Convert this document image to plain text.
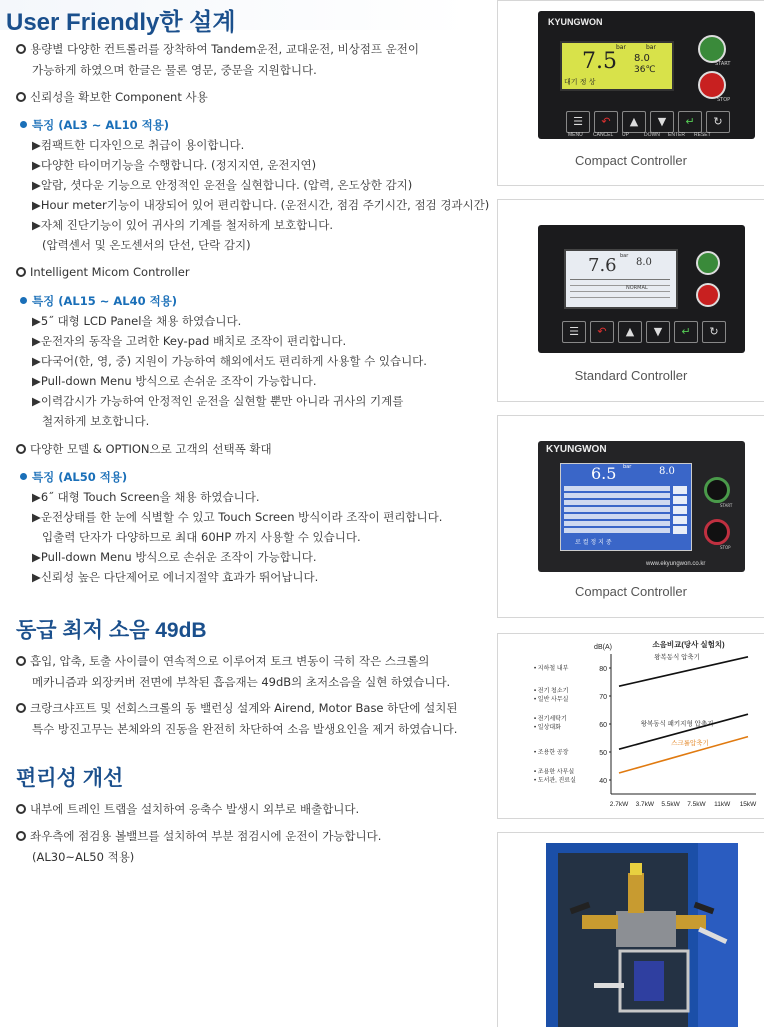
User Friendly한 설계
용량별 다양한 컨트롤러를 장착하여 Tandem운전, 교대운전, 비상점프 운전이
가능하게 하였으며 한글은 물론 영문, 중문을 지원합니다.
신뢰성을 확보한 Component 사용
특징 (AL3 ~ AL10 적용)
▶컴팩트한 디자인으로 취급이 용이합니다.
▶다양한 타이머기능을 수행합니다. (정지지연, 운전지연)
▶알람, 셧다운 기능으로 안정적인 운전을 실현합니다. (압력, 온도상한 감지)
▶Hour meter기능이 내장되어 있어 편리합니다. (운전시간, 점검 주기시간, 점검 경과시간)
▶자체 진단기능이 있어 귀사의 기계를 철저하게 보호합니다.
(압력센서 및 온도센서의 단선, 단락 감지)
Intelligent Micom Controller
특징 (AL15 ~ AL40 적용)
▶5˝ 대형 LCD Panel을 채용 하였습니다.
▶운전자의 동작을 고려한 Key-pad 배치로 조작이 편리합니다.
▶다국어(한, 영, 중) 지원이 가능하여 해외에서도 편리하게 사용할 수 있습니다.
▶Pull-down Menu 방식으로 손쉬운 조작이 가능합니다.
▶이력감시가 가능하여 안정적인 운전을 실현할 뿐만 아니라 귀사의 기계를
철저하게 보호합니다.
다양한 모델 & OPTION으로 고객의 선택폭 확대
특징 (AL50 적용)
▶6˝ 대형 Touch Screen을 채용 하였습니다.
▶운전상태를 한 눈에 식별할 수 있고 Touch Screen 방식이라 조작이 편리합니다.
입출력 단자가 다양하므로 최대 60HP 까지 사용할 수 있습니다.
▶Pull-down Menu 방식으로 손쉬운 조작이 가능합니다.
▶신뢰성 높은 다단제어로 에너지절약 효과가 뛰어납니다.
동급 최저 소음 49dB
흡입, 압축, 토출 사이클이 연속적으로 이루어져 토크 변동이 극히 작은 스크롤의
메카니즘과 외장커버 전면에 부착된 흡음재는 49dB의 초저소음을 실현 하였습니다.
크랑크샤프트 및 선회스크롤의 동 밸런싱 설계와 Airend, Motor Base 하단에 설치된
특수 방진고무는 본체와의 진동을 완전히 차단하여 소음 발생요인을 제거 하였습니다.
편리성 개선
내부에 트레인 트랩을 설치하여 응축수 발생시 외부로 배출합니다.
좌우측에 점검용 볼밸브를 설치하여 부분 점검시에 운전이 가능합니다.
(AL30~AL50 적용)
KYUNGWON
7.5
bar	bar
8.0
36℃
대기 정 상
START
STOP
☰	↶	▲	▼	↵	↻
MENU CANCEL UP	DOWN ENTER RESET
Compact Controller
7.6 bar
8.0
NORMAL
☰	↶	▲	▼	↵	↻
Standard Controller
KYUNGWON
6.5 bar	8.0
로 컬 정 지 중
START
STOP
www.ekyungwon.co.kr
Compact Controller
dB(A)	소음비교(당사 실험치)
40
50
60
70
80
2.7kW 3.7kW 5.5kW 7.5kW 11kW 15kW
• 지하철 내부
• 전기 청소기
• 일반 사무실
• 전기세탁기
• 일상대화
• 조용한 공장
• 조용한 사무실
• 도서관, 진료실
왕복동식 압축기
왕복동식 패키지형 압축기
스크롤압축기
